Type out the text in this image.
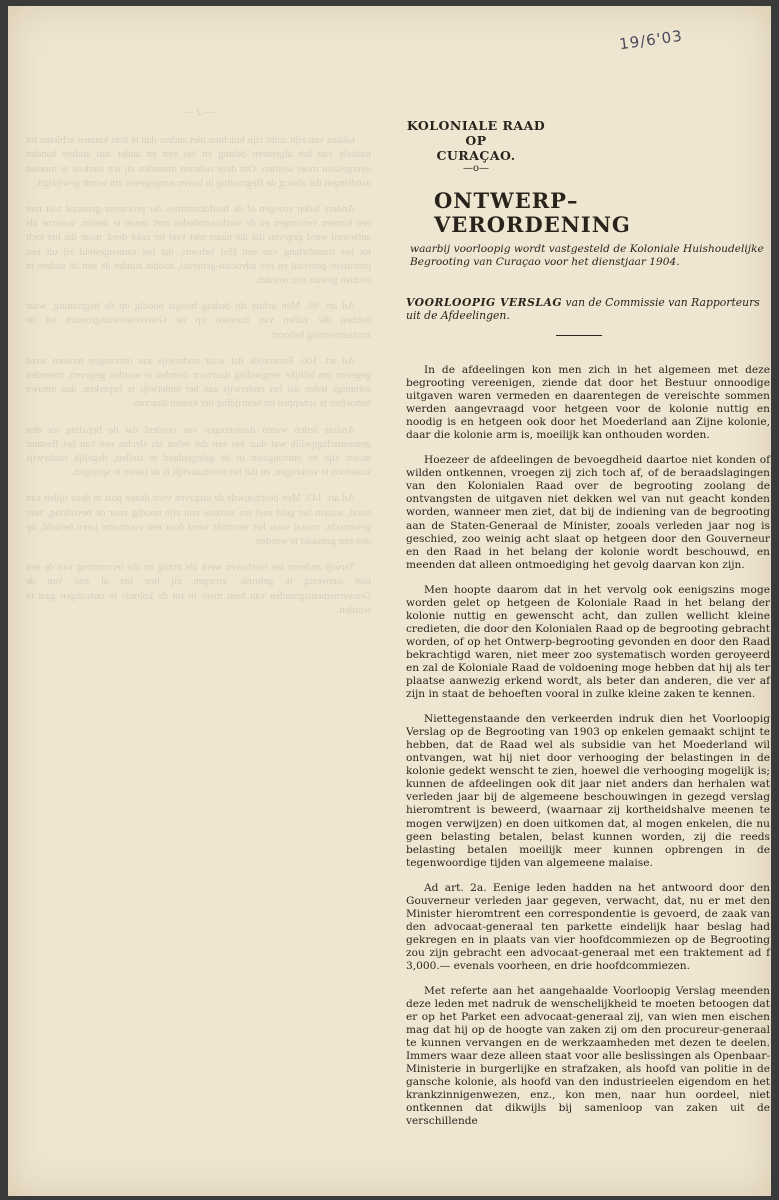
— 2 —

takken van zijn ambt zijn krachten niet anders dan te kort kunnen schieten tot nadeele van het algemeen belang en het een en ander aan andere handen overgelaten moet worden. Om deze redenen meenden zij ten sterkste te moeten aandringen dat alsnog de Begrooting in boven aangegeven zin wordt gewijzigd.

Andere leden vroegen of de hoofdcommies der procureur-generaal niet met een kunnen vervangen en de werkzaamheden met dezen te deelen, waartoe als antwoord werd gegeven dat die naam niet veel ter zake deed, maar dat het toch tot het staatsbelang van een Hof behoort, dat het samengesteld zij uit een procureur-generaal en een advocaat-generaal, zoodat zonder de een de andere in rechten gestuit zou worden.

Ad art. 65. Men achtte dit bedrag hoogst noodig op de begrooting, waar hebben die vallen van hoomen op de Gouvernementsgronden tot de zoutaanneming behoort.

Ad art. 106. Eenerzijds dat waar onderwijs aan ontvangen moeten werd gegeven om billijke vergoeding daarvoor dienden te worden gegeven, meenden sommige leden dat het onderwijs aan het onderwijs te beperken, dan nieuwe behoeften te scheppen tot bestrijding der kosten daarvan.

Andere leden waren daarentegen van oordeel dat de bepaling tot den gemeenschappelijk wat daar het een der velen als slechts een van het Bestuur moest zijn en ontvangsten in de gelegenheid te stellen, degelijk onderwijs kosteloos te verkrijgen, en dat het noodzakelijk is de lasten te springen.

Ad art. 143. Men beschouwde de uitgaven voor dezen post in deze tijden van nood, waarin het geld veel ten sterkste zou zijn noodig voor de bevolking, zeer gewenscht, vooral waar het verstrekt werd door een voorname jaren betaald, op den een gemaakt te worden.

Terwijl anderen het hierboven werk als nuttig en die lervorming van de een niet aanwezig te gebruik, vroegen zij hoe het al zoo van de Gouvernementsgronden van hem meer in tot de kolonie te ontvangen gaat te worden.

19/6'03

KOLONIALE RAAD

OP

CURAÇAO.

—o—

ONTWERP–VERORDENING

waarbij voorloopig wordt vastgesteld de Koloniale Huishoudelijke Begrooting van Curaçao voor het dienstjaar 1904.

VOORLOOPIG VERSLAG van de Commissie van Rapporteurs uit de Afdeelingen.

In de afdeelingen kon men zich in het algemeen met deze begrooting vereenigen, ziende dat door het Bestuur onnoodige uitgaven waren vermeden en daarentegen de vereischte sommen werden aangevraagd voor hetgeen voor de kolonie nuttig en noodig is en hetgeen ook door het Moederland aan Zijne kolonie, daar die kolonie arm is, moeilijk kan onthouden worden.

Hoezeer de afdeelingen de bevoegdheid daartoe niet konden of wilden ontkennen, vroegen zij zich toch af, of de beraadslagingen van den Kolonialen Raad over de begrooting zoolang de ontvangsten de uitgaven niet dekken wel van nut geacht konden worden, wanneer men ziet, dat bij de indiening van de begrooting aan de Staten-Generaal de Minister, zooals verleden jaar nog is geschied, zoo weinig acht slaat op hetgeen door den Gouverneur en den Raad in het belang der kolonie wordt beschouwd, en meenden dat alleen ontmoediging het gevolg daarvan kon zijn.

Men hoopte daarom dat in het vervolg ook eenigszins moge worden gelet op hetgeen de Koloniale Raad in het belang der kolonie nuttig en gewenscht acht, dan zullen wellicht kleine credieten, die door den Kolonialen Raad op de begrooting gebracht worden, of op het Ontwerp-begrooting gevonden en door den Raad bekrachtigd waren, niet meer zoo systematisch worden geroyeerd en zal de Koloniale Raad de voldoening moge hebben dat hij als ter plaatse aanwezig erkend wordt, als beter dan anderen, die ver af zijn in staat de behoeften vooral in zulke kleine zaken te kennen.

Niettegenstaande den verkeerden indruk dien het Voorloopig Verslag op de Begrooting van 1903 op enkelen gemaakt schijnt te hebben, dat de Raad wel als subsidie van het Moederland wil ontvangen, wat hij niet door verhooging der belastingen in de kolonie gedekt wenscht te zien, hoewel die verhooging mogelijk is; kunnen de afdeelingen ook dit jaar niet anders dan herhalen wat verleden jaar bij de algemeene beschouwingen in gezegd verslag hieromtrent is beweerd, (waarnaar zij kortheidshalve meenen te mogen verwijzen) en doen uitkomen dat, al mogen enkelen, die nu geen belasting betalen, belast kunnen worden, zij die reeds belasting betalen moeilijk meer kunnen opbrengen in de tegenwoordige tijden van algemeene malaise.

Ad art. 2a. Eenige leden hadden na het antwoord door den Gouverneur verleden jaar gegeven, verwacht, dat, nu er met den Minister hieromtrent een correspondentie is gevoerd, de zaak van den advocaat-generaal ten parkette eindelijk haar beslag had gekregen en in plaats van vier hoofdcommiezen op de Begrooting zou zijn gebracht een advocaat-generaal met een traktement ad f 3,000.— evenals voorheen, en drie hoofdcommiezen.

Met referte aan het aangehaalde Voorloopig Verslag meenden deze leden met nadruk de wenschelijkheid te moeten betoogen dat er op het Parket een advocaat-generaal zij, van wien men eischen mag dat hij op de hoogte van zaken zij om den procureur-generaal te kunnen vervangen en de werkzaamheden met dezen te deelen. Immers waar deze alleen staat voor alle beslissingen als Openbaar-Ministerie in burgerlijke en strafzaken, als hoofd van politie in de gansche kolonie, als hoofd van den industrieelen eigendom en het krankzinnigenwezen, enz., kon men, naar hun oordeel, niet ontkennen dat dikwijls bij samenloop van zaken uit de verschillende
